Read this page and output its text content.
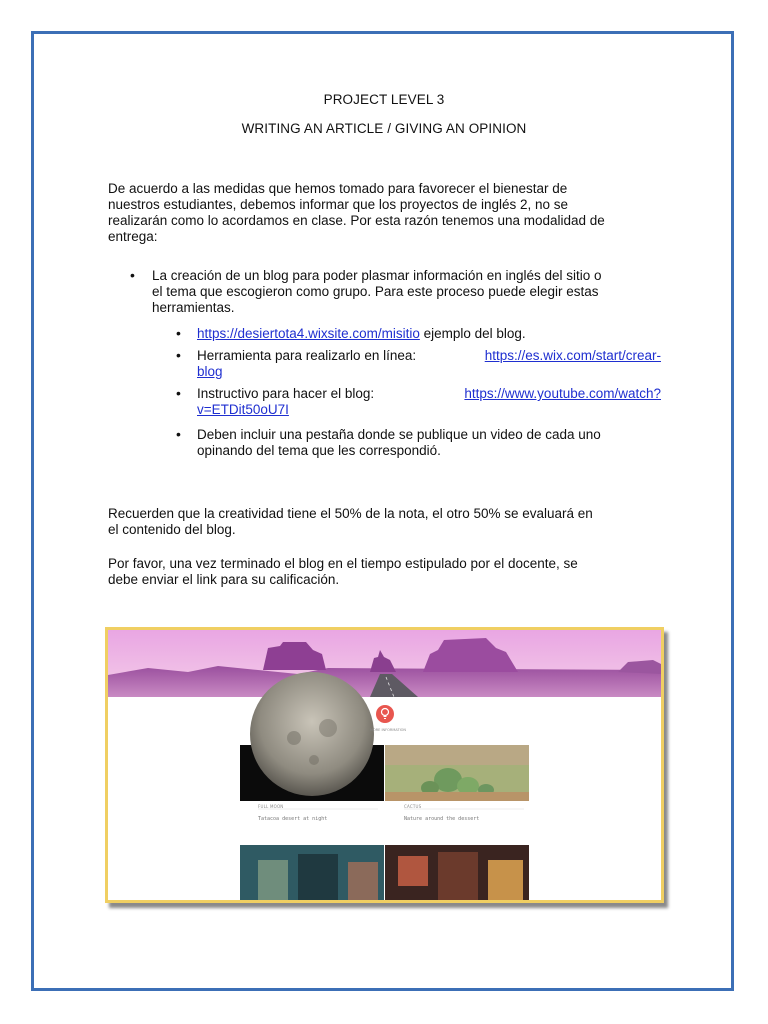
PROJECT LEVEL 3
WRITING AN ARTICLE / GIVING AN OPINION
De acuerdo a las medidas que hemos tomado para favorecer el bienestar de
nuestros estudiantes, debemos informar que los proyectos de inglés 2, no se
realizarán como lo acordamos en clase. Por esta razón tenemos una modalidad de
entrega:
• La creación de un blog para poder plasmar información en inglés del sitio o
el tema que escogieron como grupo. Para este proceso puede elegir estas
herramientas.
• https://desiertota4.wixsite.com/misitio ejemplo del blog.
• Herramienta para realizarlo en línea:	https://es.wix.com/start/crear-
blog
• Instructivo para hacer el blog:	https://www.youtube.com/watch?
v=ETDit50oU7I
• Deben incluir una pestaña donde se publique un video de cada uno
opinando del tema que les correspondió.
Recuerden que la creatividad tiene el 50% de la nota, el otro 50% se evaluará en
el contenido del blog.
Por favor, una vez terminado el blog en el tiempo estipulado por el docente, se
debe enviar el link para su calificación.
MORE INFORMATION
FULL MOON
Tatacoa desert at night
CACTUS
Nature around the dessert
